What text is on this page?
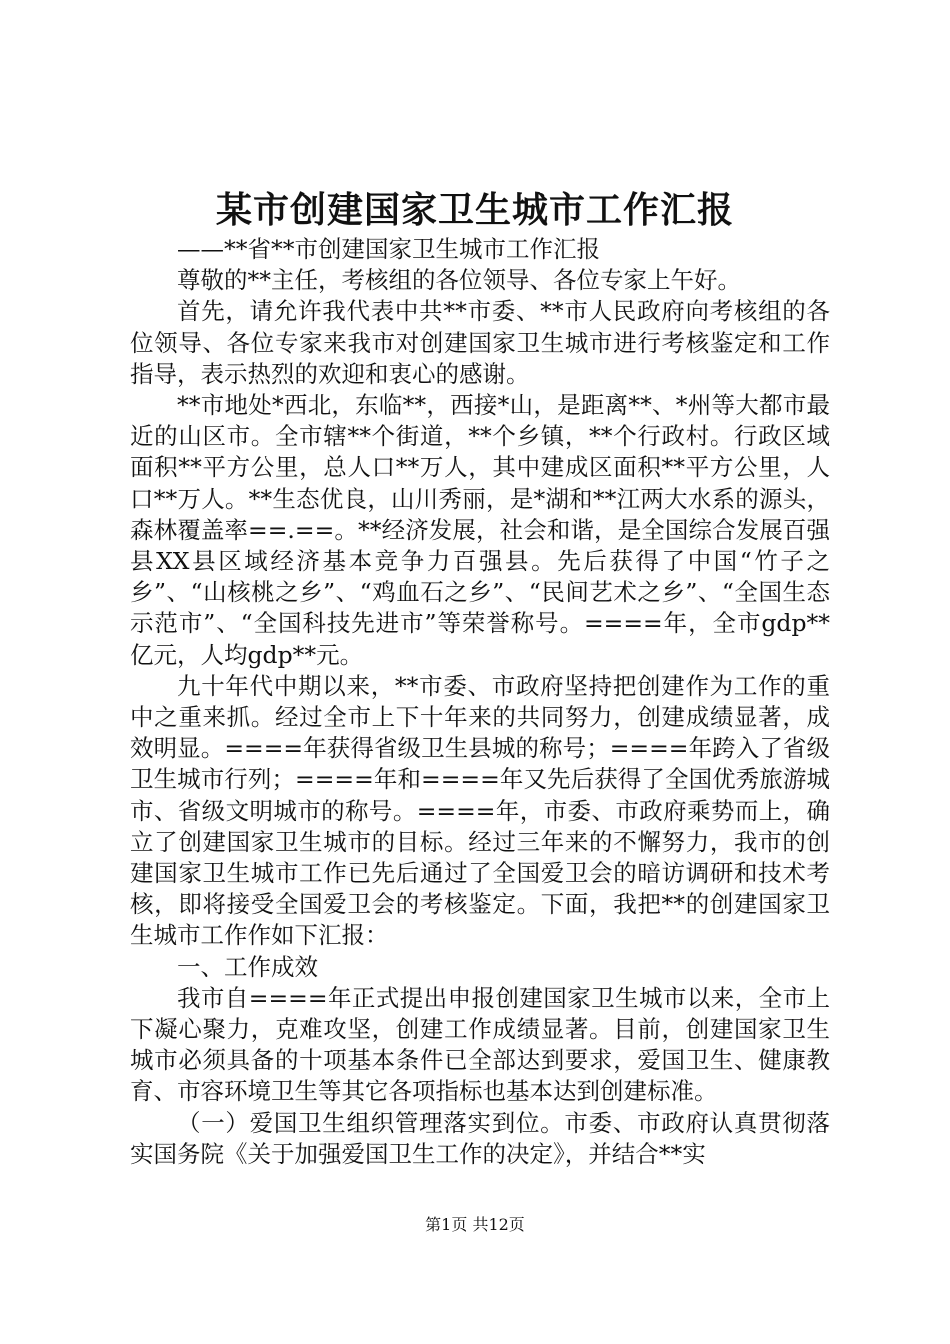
某市创建国家卫生城市工作汇报

——**省**市创建国家卫生城市工作汇报

尊敬的**主任，考核组的各位领导、各位专家上午好。

首先，请允许我代表中共**市委、**市人民政府向考核组的各位领导、各位专家来我市对创建国家卫生城市进行考核鉴定和工作指导，表示热烈的欢迎和衷心的感谢。

**市地处*西北，东临**，西接*山，是距离**、*州等大都市最近的山区市。全市辖**个街道，**个乡镇，**个行政村。行政区域面积**平方公里，总人口**万人，其中建成区面积**平方公里，人口**万人。**生态优良，山川秀丽，是*湖和**江两大水系的源头，森林覆盖率==.==。**经济发展，社会和谐，是全国综合发展百强县XX县区域经济基本竞争力百强县。先后获得了中国“竹子之乡”、“山核桃之乡”、“鸡血石之乡”、“民间艺术之乡”、“全国生态示范市”、“全国科技先进市”等荣誉称号。====年，全市gdp**亿元，人均gdp**元。

九十年代中期以来，**市委、市政府坚持把创建作为工作的重中之重来抓。经过全市上下十年来的共同努力，创建成绩显著，成效明显。====年获得省级卫生县城的称号；====年跨入了省级卫生城市行列；====年和====年又先后获得了全国优秀旅游城市、省级文明城市的称号。====年，市委、市政府乘势而上，确立了创建国家卫生城市的目标。经过三年来的不懈努力，我市的创建国家卫生城市工作已先后通过了全国爱卫会的暗访调研和技术考核，即将接受全国爱卫会的考核鉴定。下面，我把**的创建国家卫生城市工作作如下汇报：

一、工作成效

我市自====年正式提出申报创建国家卫生城市以来，全市上下凝心聚力，克难攻坚，创建工作成绩显著。目前，创建国家卫生城市必须具备的十项基本条件已全部达到要求，爱国卫生、健康教育、市容环境卫生等其它各项指标也基本达到创建标准。

（一）爱国卫生组织管理落实到位。市委、市政府认真贯彻落实国务院《关于加强爱国卫生工作的决定》，并结合**实

第1页 共12页
